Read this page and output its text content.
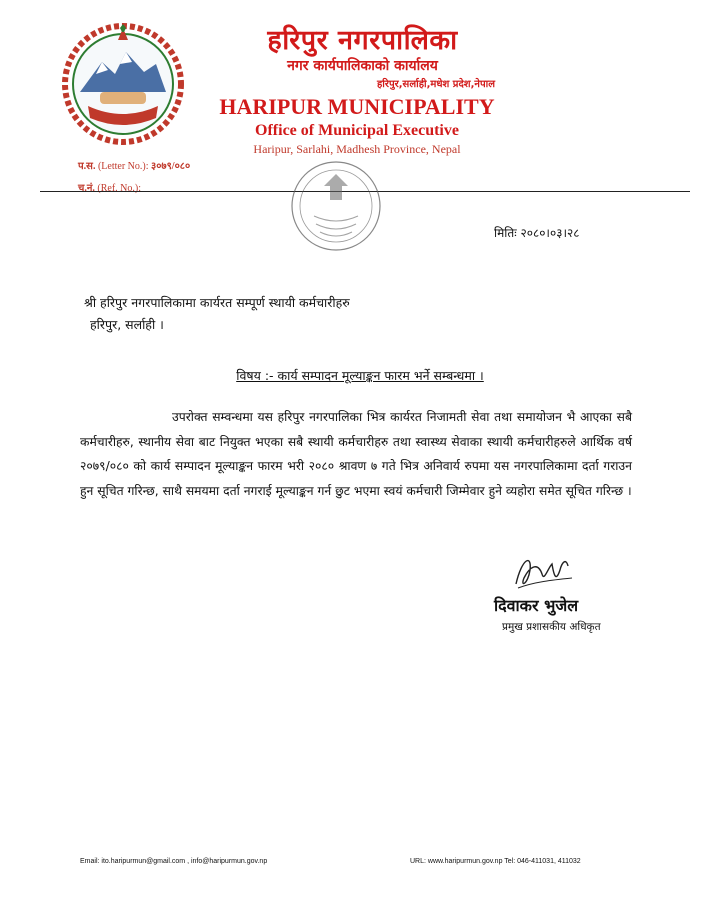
हरिपुर नगरपालिका
नगर कार्यपालिकाको कार्यालय
हरिपुर,सर्लाही,मधेश प्रदेश,नेपाल
HARIPUR MUNICIPALITY
Office of Municipal Executive
Haripur, Sarlahi, Madhesh Province, Nepal
प.स. (Letter No.): ३०७९/०८०
च.नं. (Ref. No.):
मितिः २०८०।०३।२८
श्री हरिपुर नगरपालिकामा कार्यरत सम्पूर्ण स्थायी कर्मचारीहरु
हरिपुर, सर्लाही ।
विषय :- कार्य सम्पादन मूल्याङ्कन फारम भर्ने सम्बन्धमा ।

उपरोक्त सम्वन्धमा यस हरिपुर नगरपालिका भित्र कार्यरत निजामती सेवा तथा समायोजन भै आएका सबै कर्मचारीहरु, स्थानीय सेवा बाट नियुक्त भएका सबै स्थायी कर्मचारीहरु तथा स्वास्थ्य सेवाका स्थायी कर्मचारीहरुले आर्थिक वर्ष २०७९/०८० को कार्य सम्पादन मूल्याङ्कन फारम भरी २०८० श्रावण ७ गते भित्र अनिवार्य रुपमा यस नगरपालिकामा दर्ता गराउन हुन सूचित गरिन्छ, साथै समयमा दर्ता नगराई मूल्याङ्कन गर्न छुट भएमा स्वयं कर्मचारी जिम्मेवार हुने व्यहोरा समेत सूचित गरिन्छ ।

दिवाकर भुजेल
प्रमुख प्रशासकीय अधिकृत
Email: ito.haripurmun@gmail.com , info@haripurmun.gov.np	URL: www.haripurmun.gov.np Tel: 046-411031, 411032
